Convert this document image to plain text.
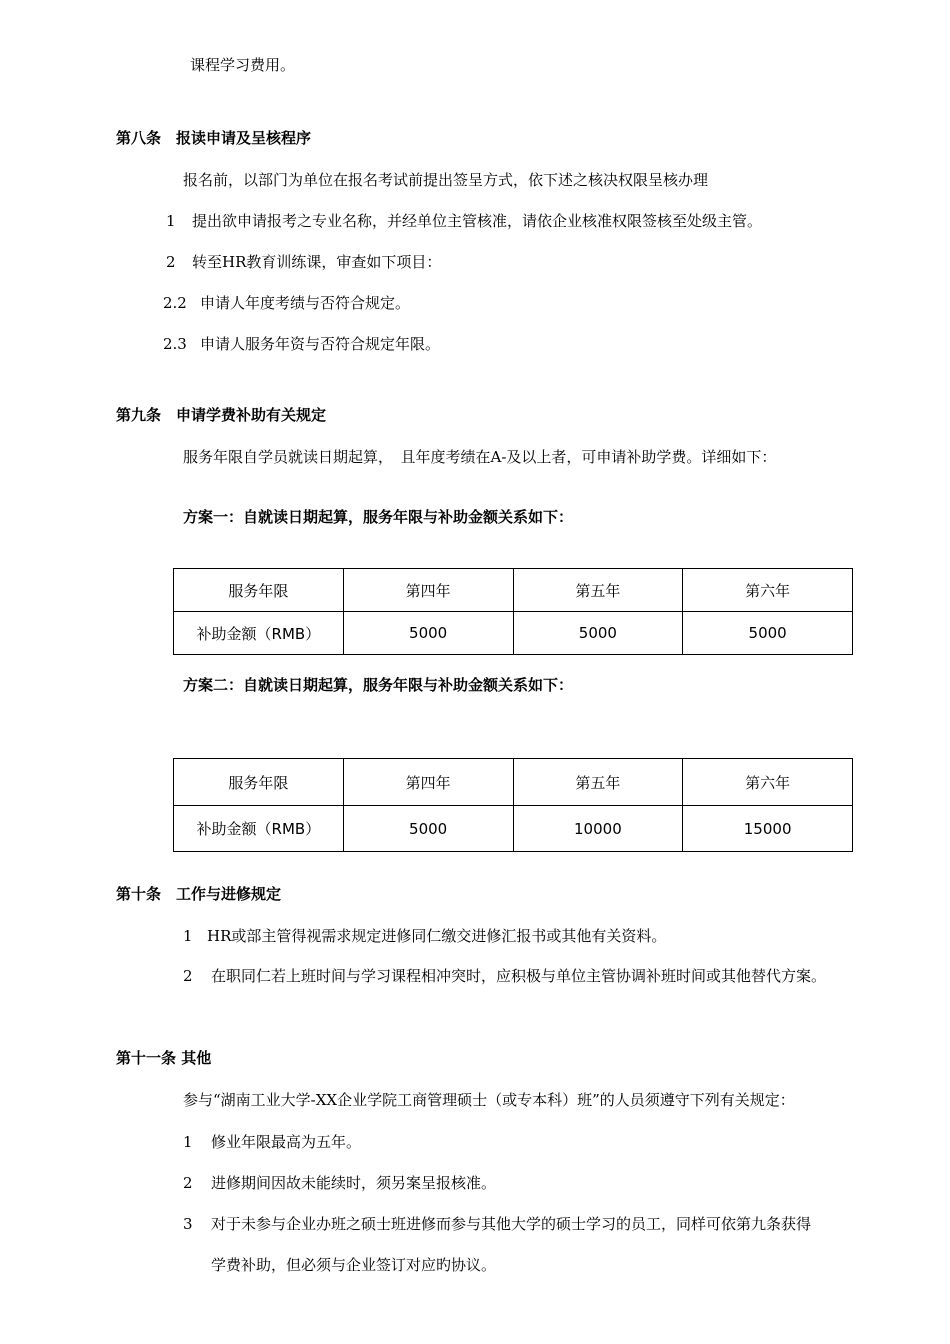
课程学习费用。
第八条　报读申请及呈核程序
报名前，以部门为单位在报名考试前提出签呈方式，依下述之核决权限呈核办理
1 提出欲申请报考之专业名称，并经单位主管核准，请依企业核准权限签核至处级主管。
2 转至HR教育训练课，审查如下项目：
2.2 申请人年度考绩与否符合规定。
2.3 申请人服务年资与否符合规定年限。
第九条　申请学费补助有关规定
服务年限自学员就读日期起算，　且年度考绩在A-及以上者，可申请补助学费。详细如下：
方案一：自就读日期起算，服务年限与补助金额关系如下：
服务年限	第四年	第五年	第六年
补助金额（RMB）	5000	5000	5000
方案二：自就读日期起算，服务年限与补助金额关系如下：
服务年限	第四年	第五年	第六年
补助金额（RMB）	5000	10000	15000
第十条　工作与进修规定
1 HR或部主管得视需求规定进修同仁缴交进修汇报书或其他有关资料。
2 在职同仁若上班时间与学习课程相冲突时，应积极与单位主管协调补班时间或其他替代方案。
第十一条 其他
参与“湖南工业大学-XX企业学院工商管理硕士（或专本科）班”的人员须遵守下列有关规定：
1 修业年限最高为五年。
2 进修期间因故未能续时，须另案呈报核准。
3 对于未参与企业办班之硕士班进修而参与其他大学的硕士学习的员工，同样可依第九条获得
学费补助，但必须与企业签订对应旳协议。
